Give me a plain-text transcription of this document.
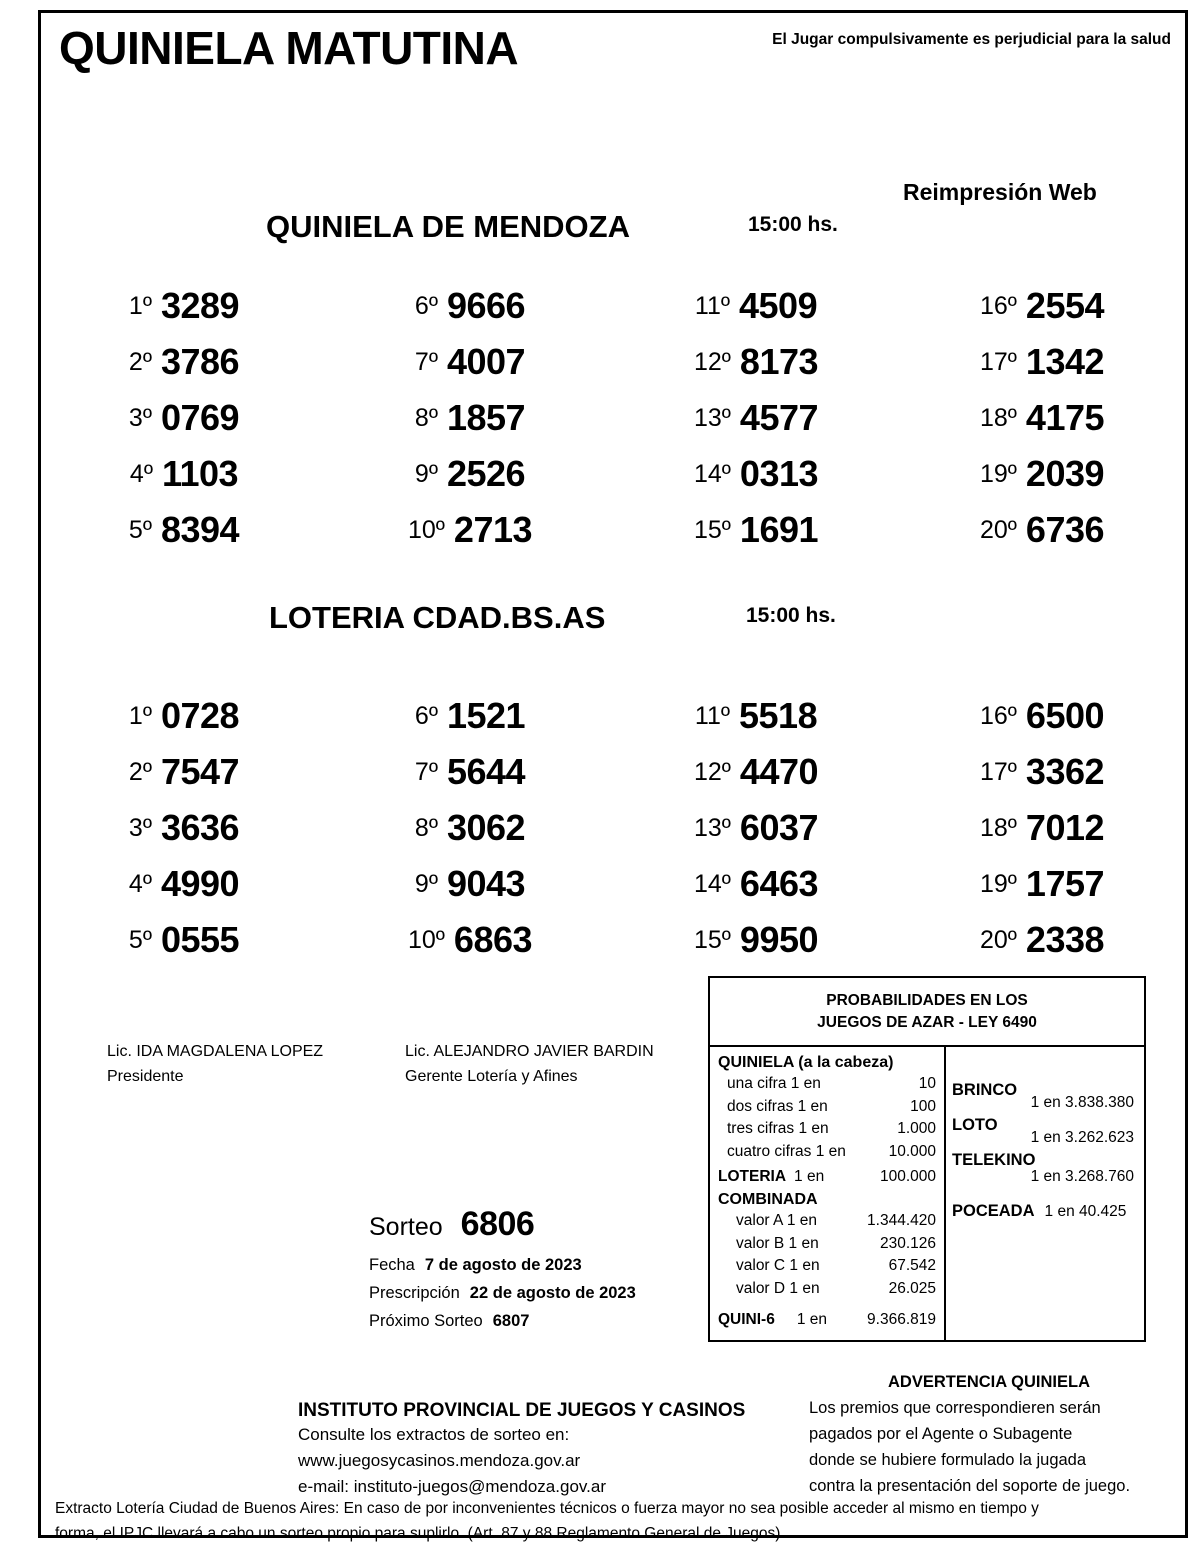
QUINIELA MATUTINA	El Jugar compulsivamente es perjudicial para la salud
Reimpresión Web
QUINIELA DE MENDOZA	15:00 hs.
1º 3289	6º 9666	11º 4509	16º 2554
2º 3786	7º 4007	12º 8173	17º 1342
3º 0769	8º 1857	13º 4577	18º 4175
4º 1103	9º 2526	14º 0313	19º 2039
5º 8394	10º 2713	15º 1691	20º 6736
LOTERIA CDAD.BS.AS	15:00 hs.
1º 0728	6º 1521	11º 5518	16º 6500
2º 7547	7º 5644	12º 4470	17º 3362
3º 3636	8º 3062	13º 6037	18º 7012
4º 4990	9º 9043	14º 6463	19º 1757
5º 0555	10º 6863	15º 9950	20º 2338
Lic. IDA MAGDALENA LOPEZ
Presidente
Lic. ALEJANDRO JAVIER BARDIN
Gerente Lotería y Afines
PROBABILIDADES EN LOS
JUEGOS DE AZAR - LEY 6490
QUINIELA (a la cabeza)
una cifra 1 en	10
dos cifras 1 en	100
tres cifras 1 en	1.000
cuatro cifras 1 en	10.000
LOTERIA 1 en	100.000
COMBINADA
valor A 1 en	1.344.420
valor B 1 en	230.126
valor C 1 en	67.542
valor D 1 en	26.025
QUINI-6 1 en	9.366.819
BRINCO
1 en 3.838.380
LOTO
1 en 3.262.623
TELEKINO
1 en 3.268.760
POCEADA 1 en 40.425
Sorteo 6806
Fecha 7 de agosto de 2023
Prescripción 22 de agosto de 2023
Próximo Sorteo 6807
ADVERTENCIA QUINIELA
Los premios que correspondieren serán
pagados por el Agente o Subagente
donde se hubiere formulado la jugada
contra la presentación del soporte de juego.
INSTITUTO PROVINCIAL DE JUEGOS Y CASINOS
Consulte los extractos de sorteo en:
www.juegosycasinos.mendoza.gov.ar
e-mail: instituto-juegos@mendoza.gov.ar
Extracto Lotería Ciudad de Buenos Aires: En caso de por inconvenientes técnicos o fuerza mayor no sea posible acceder al mismo en tiempo y
forma, el IPJC llevará a cabo un sorteo propio para suplirlo. (Art. 87 y 88 Reglamento General de Juegos)
